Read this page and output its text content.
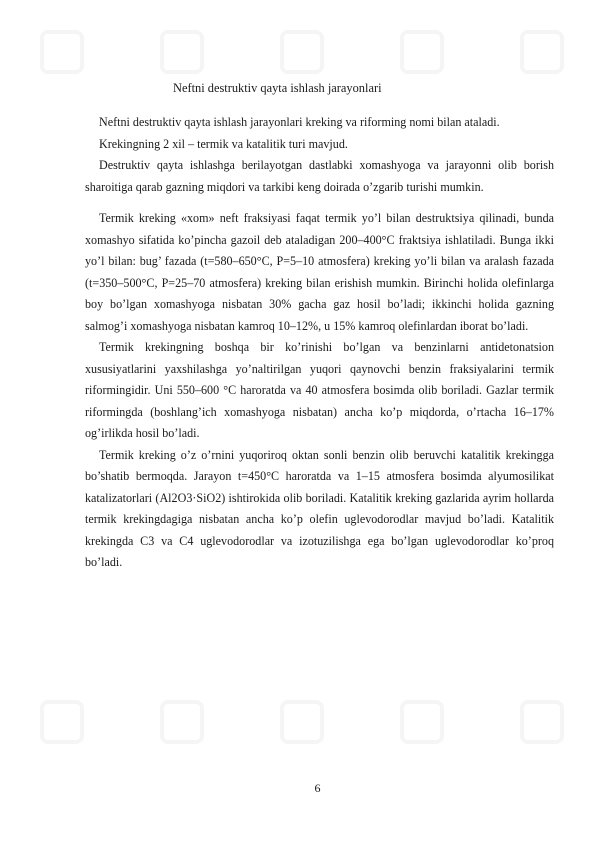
Neftni destruktiv qayta ishlash jarayonlari

Neftni destruktiv qayta ishlash jarayonlari kreking va riforming nomi bilan ataladi.

Krekingning 2 xil – termik va katalitik turi mavjud.

Destruktiv qayta ishlashga berilayotgan dastlabki xomashyoga va jarayonni olib borish sharoitiga qarab gazning miqdori va tarkibi keng doirada o’zgarib turishi mumkin.

Termik kreking «xom» neft fraksiyasi faqat termik yo’l bilan destruktsiya qilinadi, bunda xomashyo sifatida ko’pincha gazoil deb ataladigan 200–400°C fraktsiya ishlatiladi. Bunga ikki yo’l bilan: bug’ fazada (t=580–650°C, P=5–10 atmosfera) kreking yo’li bilan va aralash fazada (t=350–500°C, P=25–70 atmosfera) kreking bilan erishish mumkin. Birinchi holida olefinlarga boy bo’lgan xomashyoga nisbatan 30% gacha gaz hosil bo’ladi; ikkinchi holida gazning salmog’i xomashyoga nisbatan kamroq 10–12%, u 15% kamroq olefinlardan iborat bo’ladi.

Termik krekingning boshqa bir ko’rinishi bo’lgan va benzinlarni antidetonatsion xususiyatlarini yaxshilashga yo’naltirilgan yuqori qaynovchi benzin fraksiyalarini termik riformingidir. Uni 550–600 °C haroratda va 40 atmosfera bosimda olib boriladi. Gazlar termik riformingda (boshlang’ich xomashyoga nisbatan) ancha ko’p miqdorda, o’rtacha 16–17% og’irlikda hosil bo’ladi.

Termik kreking o’z o’rnini yuqoriroq oktan sonli benzin olib beruvchi katalitik krekingga bo’shatib bermoqda. Jarayon t=450°C haroratda va 1–15 atmosfera bosimda alyumosilikat katalizatorlari (Al2O3·SiO2) ishtirokida olib boriladi. Katalitik kreking gazlarida ayrim hollarda termik krekingdagiga nisbatan ancha ko’p olefin uglevodorodlar mavjud bo’ladi. Katalitik krekingda C3 va C4 uglevodorodlar va izotuzilishga ega bo’lgan uglevodorodlar ko’proq bo’ladi.

6
